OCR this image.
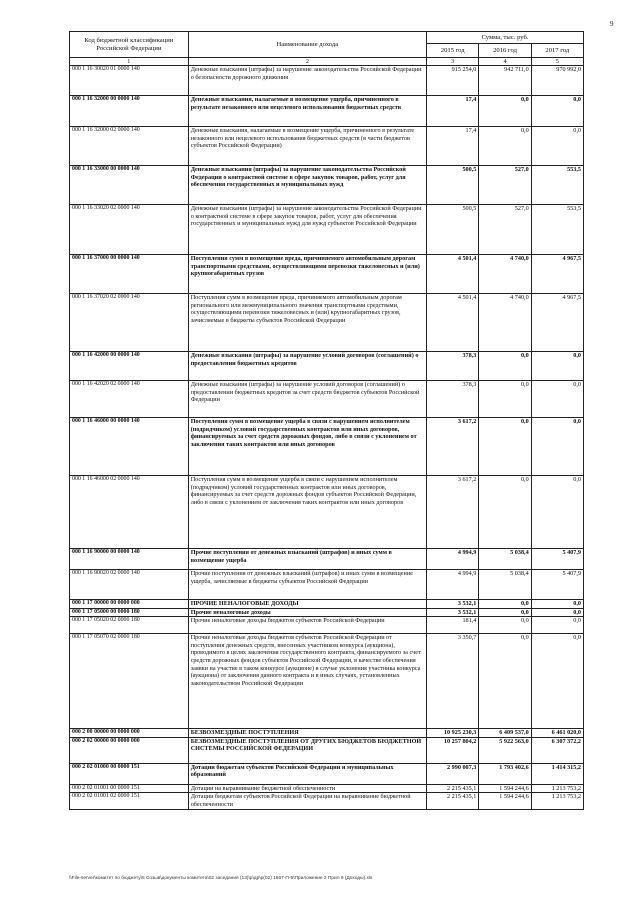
9
Код бюджетной классификации Российской Федерации	Наименование дохода	Сумма, тыс. руб.		
		2015 год	2016 год	2017 год
1	2	3	4	5
000 1 16 30020 01 0000 140	Денежные взыскания (штрафы) за нарушение законодательства Российской Федерации о безопасности дорожного движения	915 254,0	942 711,0	970 992,0
000 1 16 32000 00 0000 140	Денежные взыскания, налагаемые в возмещение ущерба, причиненного в результате незаконного или нецелевого использования бюджетных средств	17,4	0,0	0,0
000 1 16 32000 02 0000 140	Денежные взыскания, налагаемые в возмещение ущерба, причиненного в результате незаконного или нецелевого использования бюджетных средств (в части бюджетов субъектов Российской Федерации)	17,4	0,0	0,0
000 1 16 33000 00 0000 140	Денежные взыскания (штрафы) за нарушение законодательства Российской Федерации о контрактной системе в сфере закупок товаров, работ, услуг для обеспечения государственных и муниципальных нужд	500,5	527,0	553,5
000 1 16 33020 02 0000 140	Денежные взыскания (штрафы) за нарушение законодательства Российской Федерации о контрактной системе в сфере закупок товаров, работ, услуг для обеспечения государственных и муниципальных нужд для нужд субъектов Российской Федерации	500,5	527,0	553,5
000 1 16 37000 00 0000 140	Поступления сумм в возмещение вреда, причиняемого автомобильным дорогам транспортными средствами, осуществляющими перевозки тяжеловесных и (или) крупногабаритных грузов	4 501,4	4 740,0	4 967,5
000 1 16 37020 02 0000 140	Поступления сумм в возмещение вреда, причиняемого автомобильным дорогам регионального или межмуниципального значения транспортными средствами, осуществляющими перевозки тяжеловесных и (или) крупногабаритных грузов, зачисляемые в бюджеты субъектов Российской Федерации	4 501,4	4 740,0	4 967,5
000 1 16 42000 00 0000 140	Денежные взыскания (штрафы) за нарушение условий договоров (соглашений) о предоставлении бюджетных кредитов	378,3	0,0	0,0
000 1 16 42020 02 0000 140	Денежные взыскания (штрафы) за нарушение условий договоров (соглашений) о предоставлении бюджетных кредитов за счет средств бюджетов субъектов Российской Федерации	378,3	0,0	0,0
000 1 16 46000 00 0000 140	Поступления сумм в возмещение ущерба в связи с нарушением исполнителем (подрядчиком) условий государственных контрактов или иных договоров, финансируемых за счет средств дорожных фондов, либо в связи с уклонением от заключения таких контрактов или иных договоров	3 617,2	0,0	0,0
000 1 16 46000 02 0000 140	Поступления сумм в возмещение ущерба в связи с нарушением исполнителем (подрядчиком) условий государственных контрактов или иных договоров, финансируемых за счет средств дорожных фондов субъектов Российской Федерации, либо в связи с уклонением от заключения таких контрактов или иных договоров	3 617,2	0,0	0,0
000 1 16 90000 00 0000 140	Прочие поступления от денежных взысканий (штрафов) и иных сумм в возмещение ущерба	4 994,9	5 038,4	5 407,9
000 1 16 90020 02 0000 140	Прочие поступления от денежных взысканий (штрафов) и иных сумм в возмещение ущерба, зачисляемые в бюджеты субъектов Российской Федерации	4 994,9	5 038,4	5 407,9
000 1 17 00000 00 0000 000	ПРОЧИЕ НЕНАЛОГОВЫЕ ДОХОДЫ	3 532,1	0,0	0,0
000 1 17 05000 00 0000 180	Прочие неналоговые доходы	3 532,1	0,0	0,0
000 1 17 05020 02 0000 180	Прочие неналоговые доходы бюджетов субъектов Российской Федерации	181,4	0,0	0,0
000 1 17 05070 02 0000 180	Прочие неналоговые доходы бюджетов субъектов Российской Федерации от поступления денежных средств, внесенных участником конкурса (аукциона), проводимого в целях заключения государственного контракта, финансируемого за счет средств дорожных фондов субъектов Российской Федерации, в качестве обеспечения заявки на участие в таком конкурсе (аукционе) в случае уклонения участника конкурса (аукциона) от заключения данного контракта и в иных случаях, установленных законодательством Российской Федерации	3 350,7	0,0	0,0
000 2 00 00000 00 0000 000	БЕЗВОЗМЕЗДНЫЕ ПОСТУПЛЕНИЯ	10 925 230,3	6 409 537,0	6 461 020,0
000 2 02 00000 00 0000 000	БЕЗВОЗМЕЗДНЫЕ ПОСТУПЛЕНИЯ ОТ ДРУГИХ БЮДЖЕТОВ БЮДЖЕТНОЙ СИСТЕМЫ РОССИЙСКОЙ ФЕДЕРАЦИИ	10 257 804,2	5 922 563,0	6 307 372,2
000 2 02 01000 00 0000 151	Дотации бюджетам субъектов Российской Федерации и муниципальных образований	2 990 007,3	1 793 402,6	1 414 315,2
000 2 02 01001 00 0000 151	Дотации на выравнивание бюджетной обеспеченности	2 215 435,1	1 594 244,6	1 213 753,2
000 2 02 01001 02 0000 151	Дотации бюджетам субъектов Российской Федерации на выравнивание бюджетной обеспеченности	2 215 435,1	1 594 244,6	1 213 753,2
\\File-server\комитет по бюджету\5 Созыв\документы комитета\02 заседания (13)\р\др\р(02) 1667-П-5\Приложение 2 Прил 9 (Доходы).xls
